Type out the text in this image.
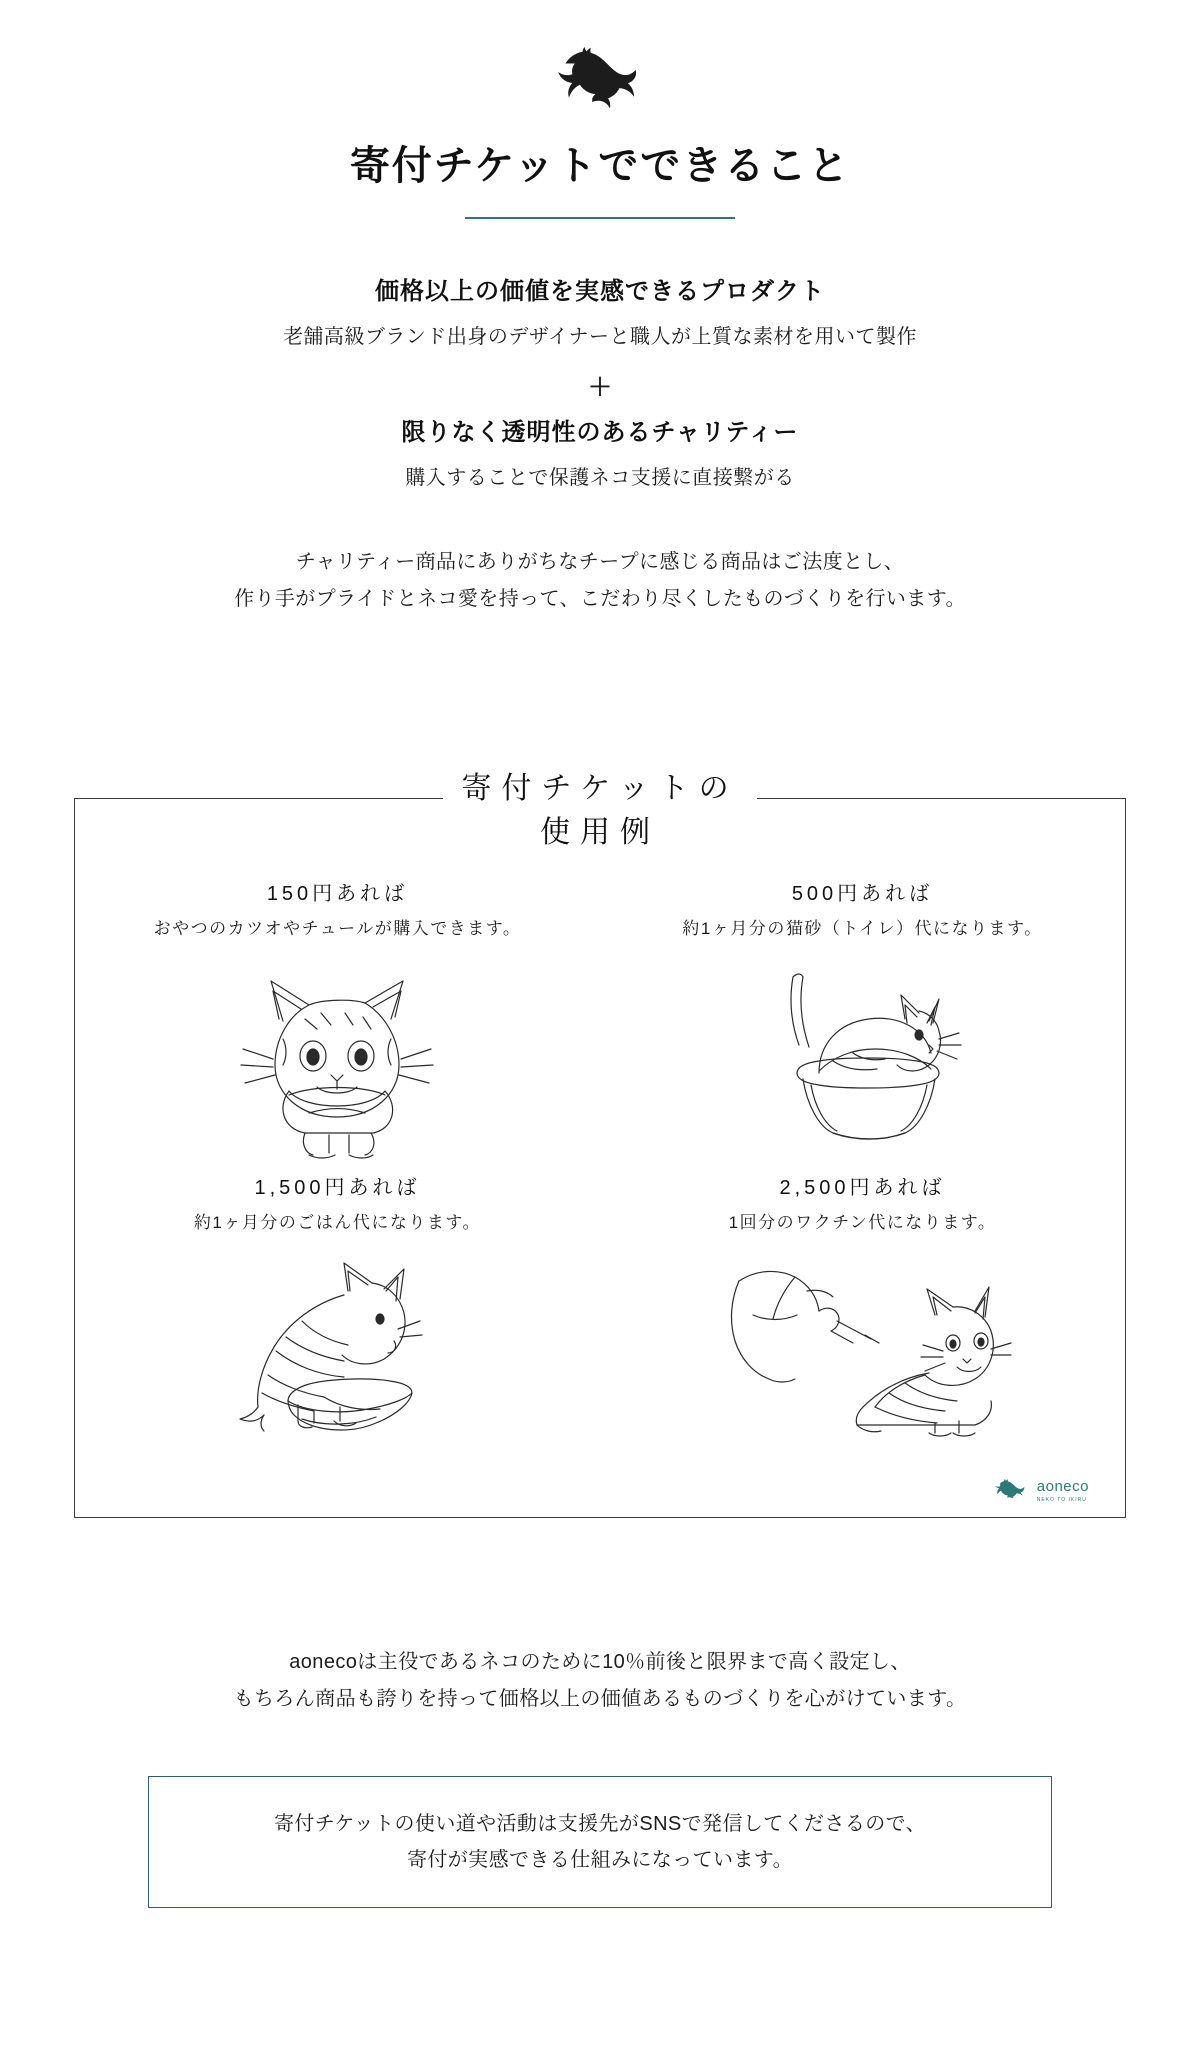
寄付チケットでできること
価格以上の価値を実感できるプロダクト
老舗高級ブランド出身のデザイナーと職人が上質な素材を用いて製作
＋
限りなく透明性のあるチャリティー
購入することで保護ネコ支援に直接繋がる
チャリティー商品にありがちなチープに感じる商品はご法度とし、
作り手がプライドとネコ愛を持って、こだわり尽くしたものづくりを行います。
寄付チケットの
使用例
150円あれば
おやつのカツオやチュールが購入できます。
500円あれば
約1ヶ月分の猫砂（トイレ）代になります。
1,500円あれば
約1ヶ月分のごはん代になります。
2,500円あれば
1回分のワクチン代になります。
aoneco
NEKO TO IKIRU
aonecoは主役であるネコのために10％前後と限界まで高く設定し、
もちろん商品も誇りを持って価格以上の価値あるものづくりを心がけています。

寄付チケットの使い道や活動は支援先がSNSで発信してくださるので、

寄付が実感できる仕組みになっています。
